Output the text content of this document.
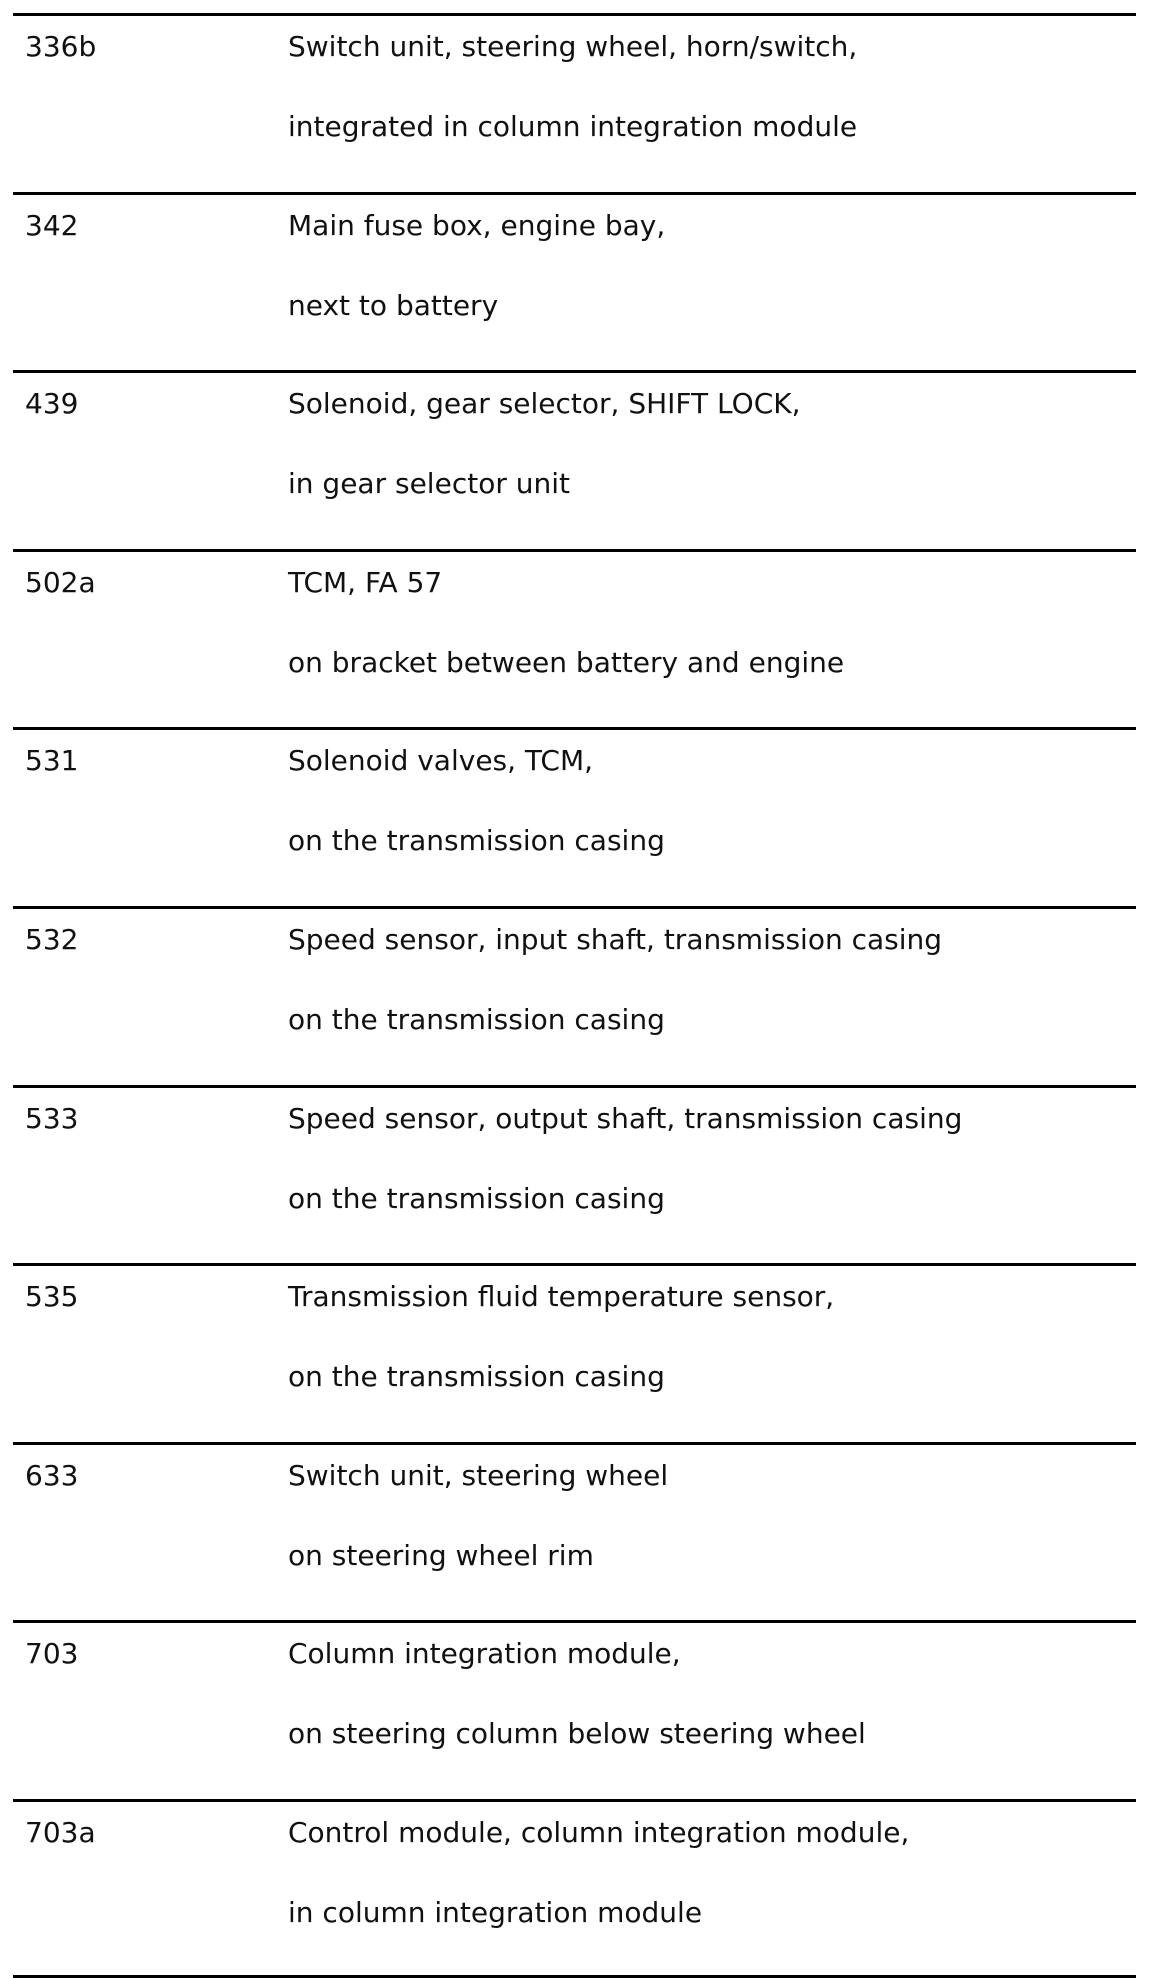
336b	Switch unit, steering wheel, horn/switch,
integrated in column integration module
342	Main fuse box, engine bay,
next to battery
439	Solenoid, gear selector, SHIFT LOCK,
in gear selector unit
502a	TCM, FA 57
on bracket between battery and engine
531	Solenoid valves, TCM,
on the transmission casing
532	Speed sensor, input shaft, transmission casing
on the transmission casing
533	Speed sensor, output shaft, transmission casing
on the transmission casing
535	Transmission fluid temperature sensor,
on the transmission casing
633	Switch unit, steering wheel
on steering wheel rim
703	Column integration module,
on steering column below steering wheel
703a	Control module, column integration module,
in column integration module
